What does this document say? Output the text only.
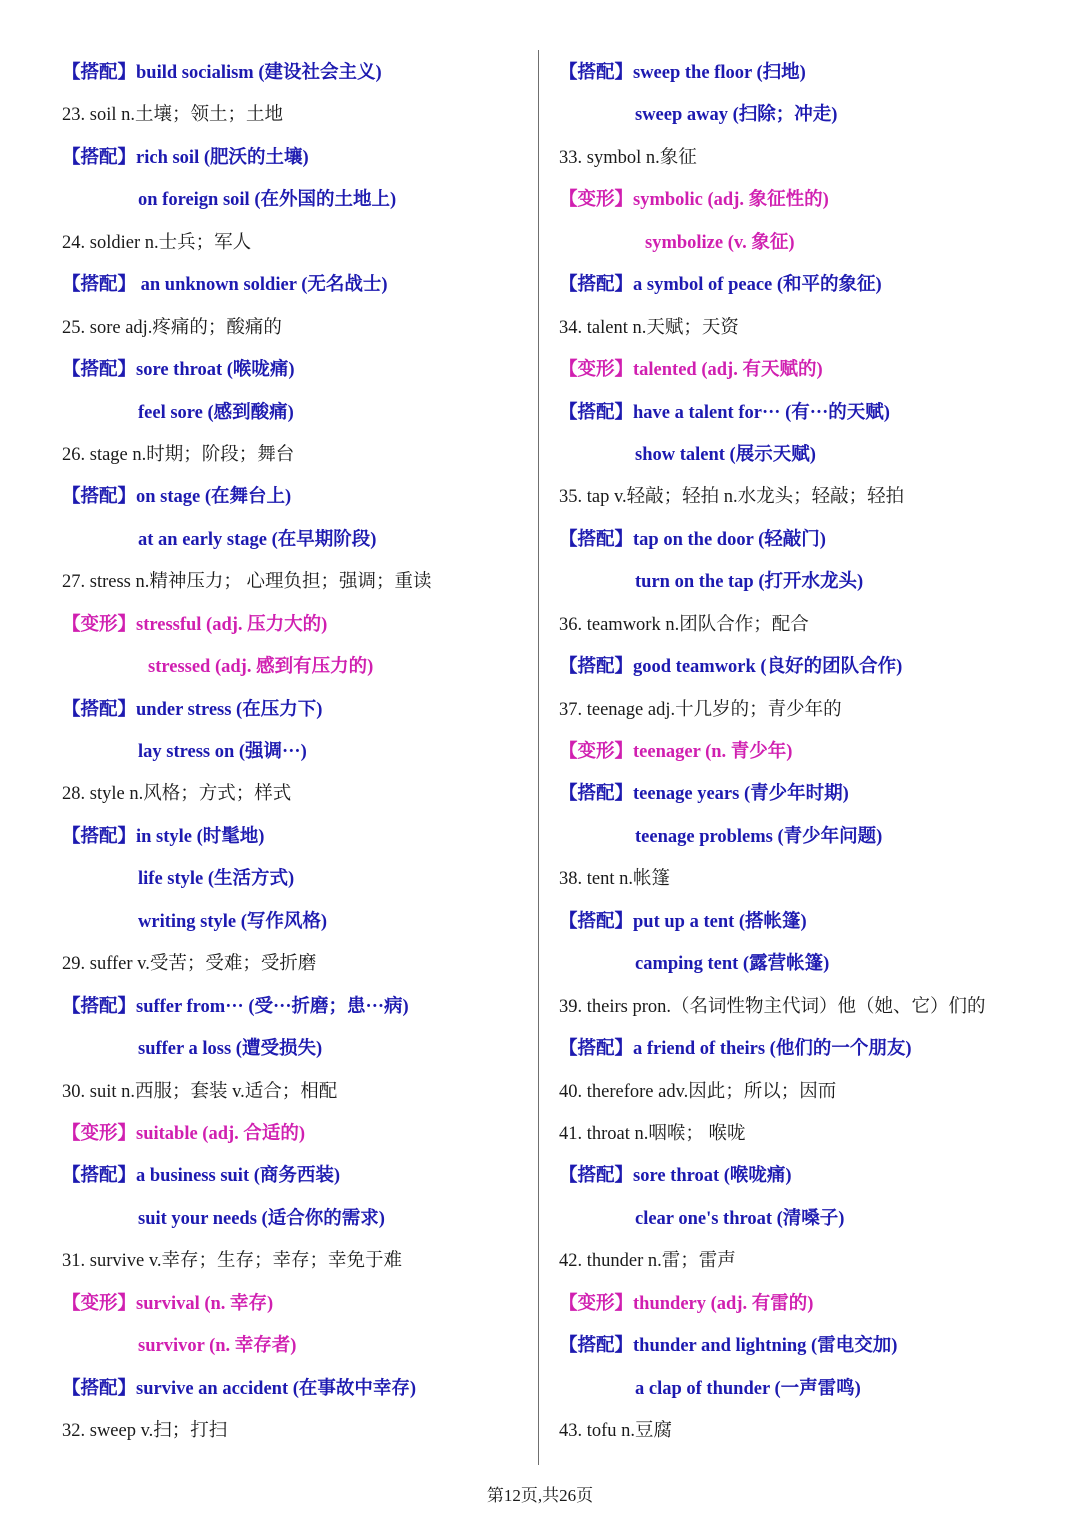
【搭配】build socialism (建设社会主义)
23. soil n.土壤；领土；土地
【搭配】rich soil (肥沃的土壤)
on foreign soil (在外国的土地上)
24. soldier n.士兵；军人
【搭配】 an unknown soldier (无名战士)
25. sore adj.疼痛的；酸痛的
【搭配】sore throat (喉咙痛)
feel sore (感到酸痛)
26. stage n.时期；阶段；舞台
【搭配】on stage (在舞台上)
at an early stage (在早期阶段)
27. stress n.精神压力； 心理负担；强调；重读
【变形】stressful (adj. 压力大的)
stressed (adj. 感到有压力的)
【搭配】under stress (在压力下)
lay stress on (强调···)
28. style n.风格；方式；样式
【搭配】in style (时髦地)
life style (生活方式)
writing style (写作风格)
29. suffer v.受苦；受难；受折磨
【搭配】suffer from··· (受···折磨；患···病)
suffer a loss (遭受损失)
30. suit n.西服；套装 v.适合；相配
【变形】suitable (adj. 合适的)
【搭配】a business suit (商务西装)
suit your needs (适合你的需求)
31. survive v.幸存；生存；幸存；幸免于难
【变形】survival (n. 幸存)
survivor (n. 幸存者)
【搭配】survive an accident (在事故中幸存)
32. sweep v.扫；打扫
【搭配】sweep the floor (扫地)
sweep away (扫除；冲走)
33. symbol n.象征
【变形】symbolic (adj. 象征性的)
symbolize (v. 象征)
【搭配】a symbol of peace (和平的象征)
34. talent n.天赋；天资
【变形】talented (adj. 有天赋的)
【搭配】have a talent for··· (有···的天赋)
show talent (展示天赋)
35. tap v.轻敲；轻拍 n.水龙头；轻敲；轻拍
【搭配】tap on the door (轻敲门)
turn on the tap (打开水龙头)
36. teamwork n.团队合作；配合
【搭配】good teamwork (良好的团队合作)
37. teenage adj.十几岁的；青少年的
【变形】teenager (n. 青少年)
【搭配】teenage years (青少年时期)
teenage problems (青少年问题)
38. tent n.帐篷
【搭配】put up a tent (搭帐篷)
camping tent (露营帐篷)
39. theirs pron.（名词性物主代词）他（她、它）们的
【搭配】a friend of theirs (他们的一个朋友)
40. therefore adv.因此；所以；因而
41. throat n.咽喉； 喉咙
【搭配】sore throat (喉咙痛)
clear one's throat (清嗓子)
42. thunder n.雷；雷声
【变形】thundery (adj. 有雷的)
【搭配】thunder and lightning (雷电交加)
a clap of thunder (一声雷鸣)
43. tofu n.豆腐
第12页,共26页
